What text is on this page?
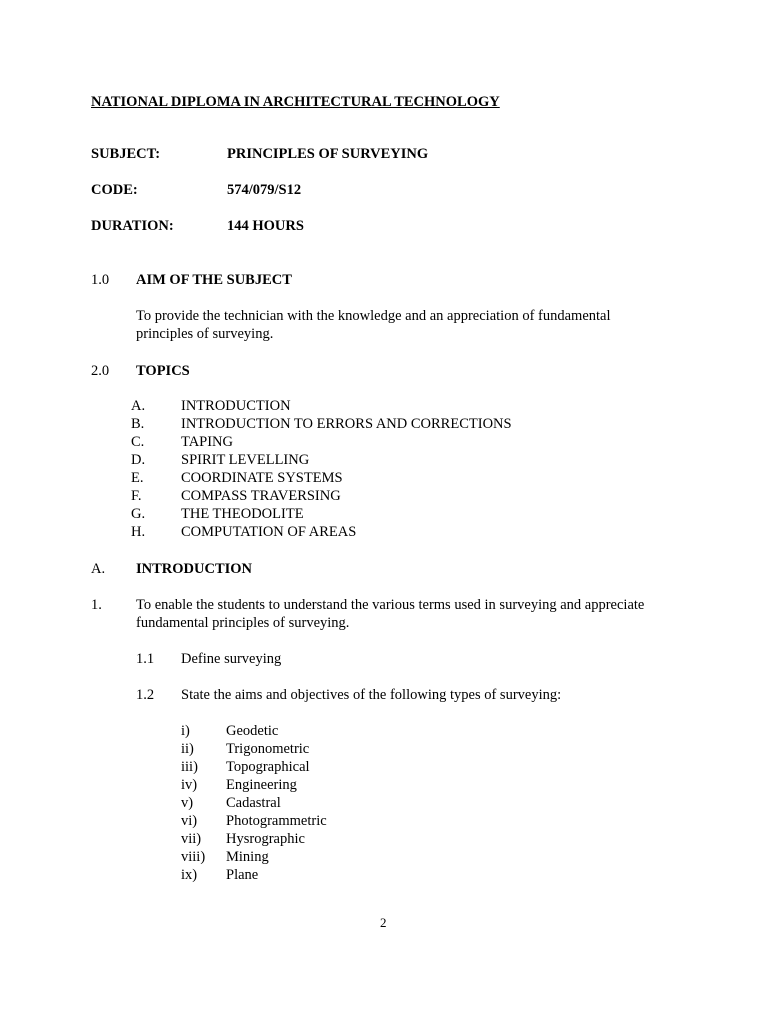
NATIONAL DIPLOMA IN ARCHITECTURAL TECHNOLOGY
SUBJECT:	PRINCIPLES OF SURVEYING
CODE:	574/079/S12
DURATION:	144 HOURS
1.0 AIM OF THE SUBJECT
To provide the technician with the knowledge and an appreciation of fundamental
principles of surveying.
2.0 TOPICS
A. INTRODUCTION
B.	INTRODUCTION TO ERRORS AND CORRECTIONS
C.	TAPING
D. SPIRIT LEVELLING
E.	COORDINATE SYSTEMS
F.	COMPASS TRAVERSING
G. THE THEODOLITE
H. COMPUTATION OF AREAS
A. INTRODUCTION
1. To enable the students to understand the various terms used in surveying and appreciate
fundamental principles of surveying.
1.1 Define surveying
1.2 State the aims and objectives of the following types of surveying:
i) Geodetic
ii) Trigonometric
iii) Topographical
iv) Engineering
v) Cadastral
vi) Photogrammetric
vii) Hysrographic
viii) Mining
ix) Plane
2
